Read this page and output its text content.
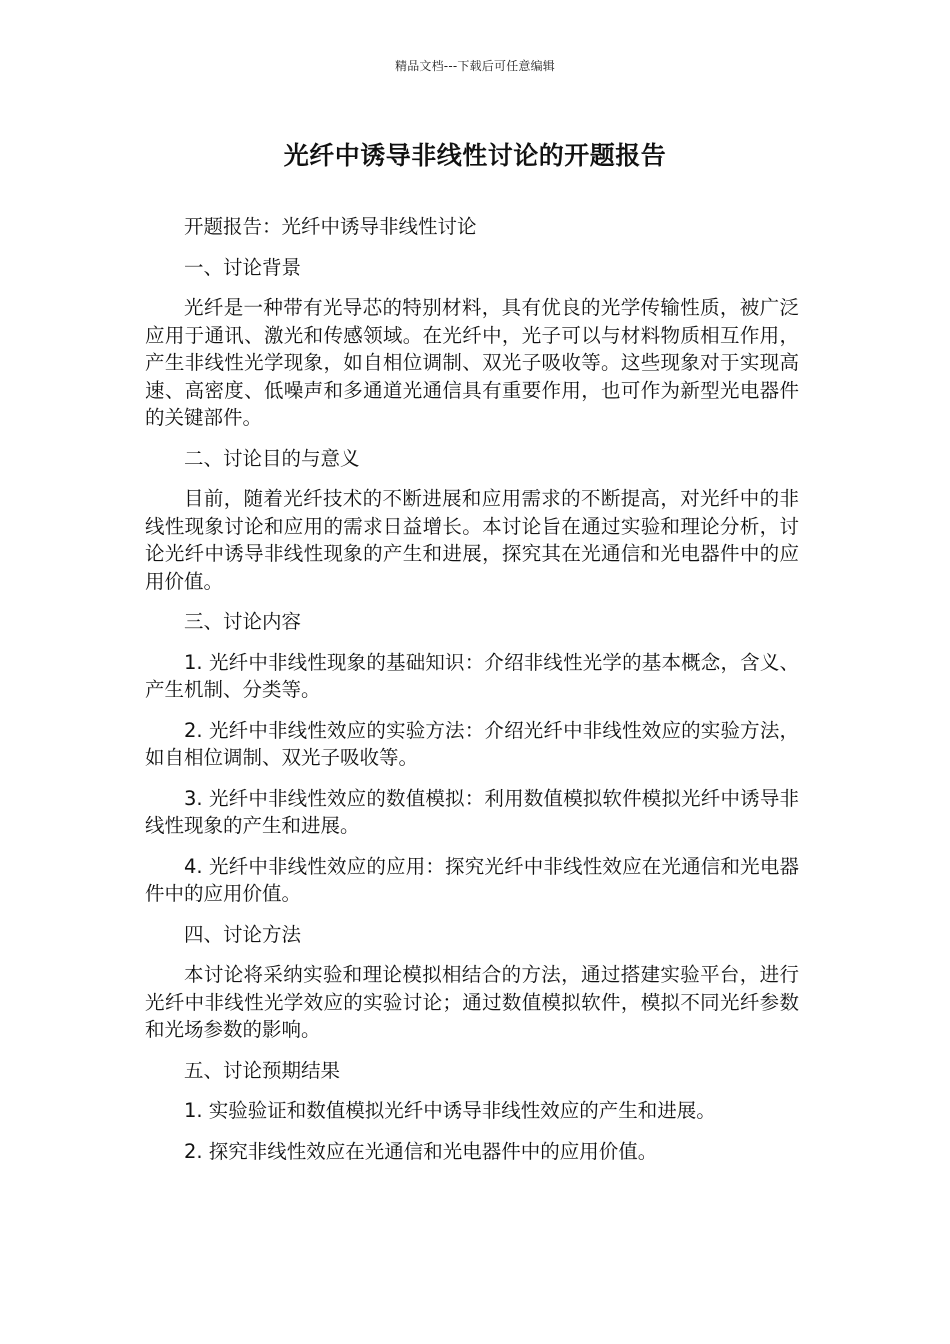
精品文档---下载后可任意编辑
光纤中诱导非线性讨论的开题报告

开题报告：光纤中诱导非线性讨论

一、讨论背景

光纤是一种带有光导芯的特别材料，具有优良的光学传输性质，被广泛应用于通讯、激光和传感领域。在光纤中，光子可以与材料物质相互作用，产生非线性光学现象，如自相位调制、双光子吸收等。这些现象对于实现高速、高密度、低噪声和多通道光通信具有重要作用，也可作为新型光电器件的关键部件。

二、讨论目的与意义

目前，随着光纤技术的不断进展和应用需求的不断提高，对光纤中的非线性现象讨论和应用的需求日益增长。本讨论旨在通过实验和理论分析，讨论光纤中诱导非线性现象的产生和进展，探究其在光通信和光电器件中的应用价值。

三、讨论内容

1. 光纤中非线性现象的基础知识：介绍非线性光学的基本概念，含义、产生机制、分类等。

2. 光纤中非线性效应的实验方法：介绍光纤中非线性效应的实验方法，如自相位调制、双光子吸收等。

3. 光纤中非线性效应的数值模拟：利用数值模拟软件模拟光纤中诱导非线性现象的产生和进展。

4. 光纤中非线性效应的应用：探究光纤中非线性效应在光通信和光电器件中的应用价值。

四、讨论方法

本讨论将采纳实验和理论模拟相结合的方法，通过搭建实验平台，进行光纤中非线性光学效应的实验讨论；通过数值模拟软件，模拟不同光纤参数和光场参数的影响。

五、讨论预期结果

1. 实验验证和数值模拟光纤中诱导非线性效应的产生和进展。

2. 探究非线性效应在光通信和光电器件中的应用价值。
